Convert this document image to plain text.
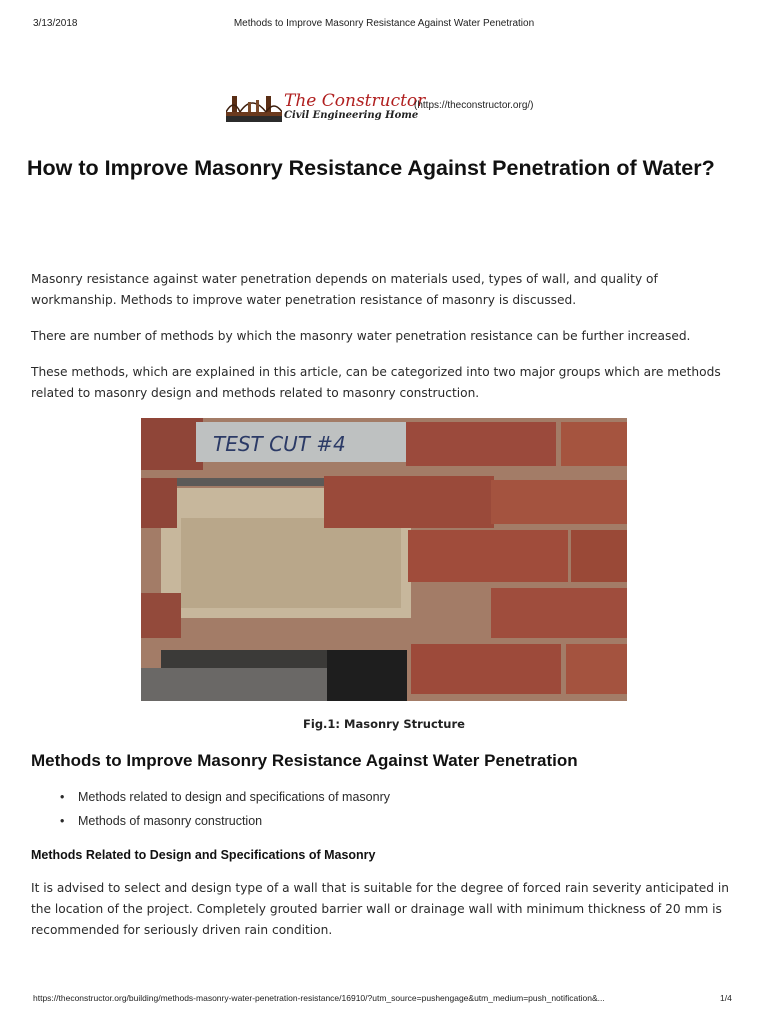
3/13/2018	Methods to Improve Masonry Resistance Against Water Penetration
The Constructor
Civil Engineering Home
(https://theconstructor.org/)
How to Improve Masonry Resistance Against Penetration of Water?
Masonry resistance against water penetration depends on materials used, types of wall, and quality of workmanship. Methods to improve water penetration resistance of masonry is discussed.
There are number of methods by which the masonry water penetration resistance can be further increased.
These methods, which are explained in this article, can be categorized into two major groups which are methods related to masonry design and methods related to masonry construction.
TEST CUT #4
Fig.1: Masonry Structure
Methods to Improve Masonry Resistance Against Water Penetration
• Methods related to design and specifications of masonry
• Methods of masonry construction
Methods Related to Design and Specifications of Masonry
It is advised to select and design type of a wall that is suitable for the degree of forced rain severity anticipated in the location of the project. Completely grouted barrier wall or drainage wall with minimum thickness of 20 mm is recommended for seriously driven rain condition.
https://theconstructor.org/building/methods-masonry-water-penetration-resistance/16910/?utm_source=pushengage&utm_medium=push_notification&...	1/4
